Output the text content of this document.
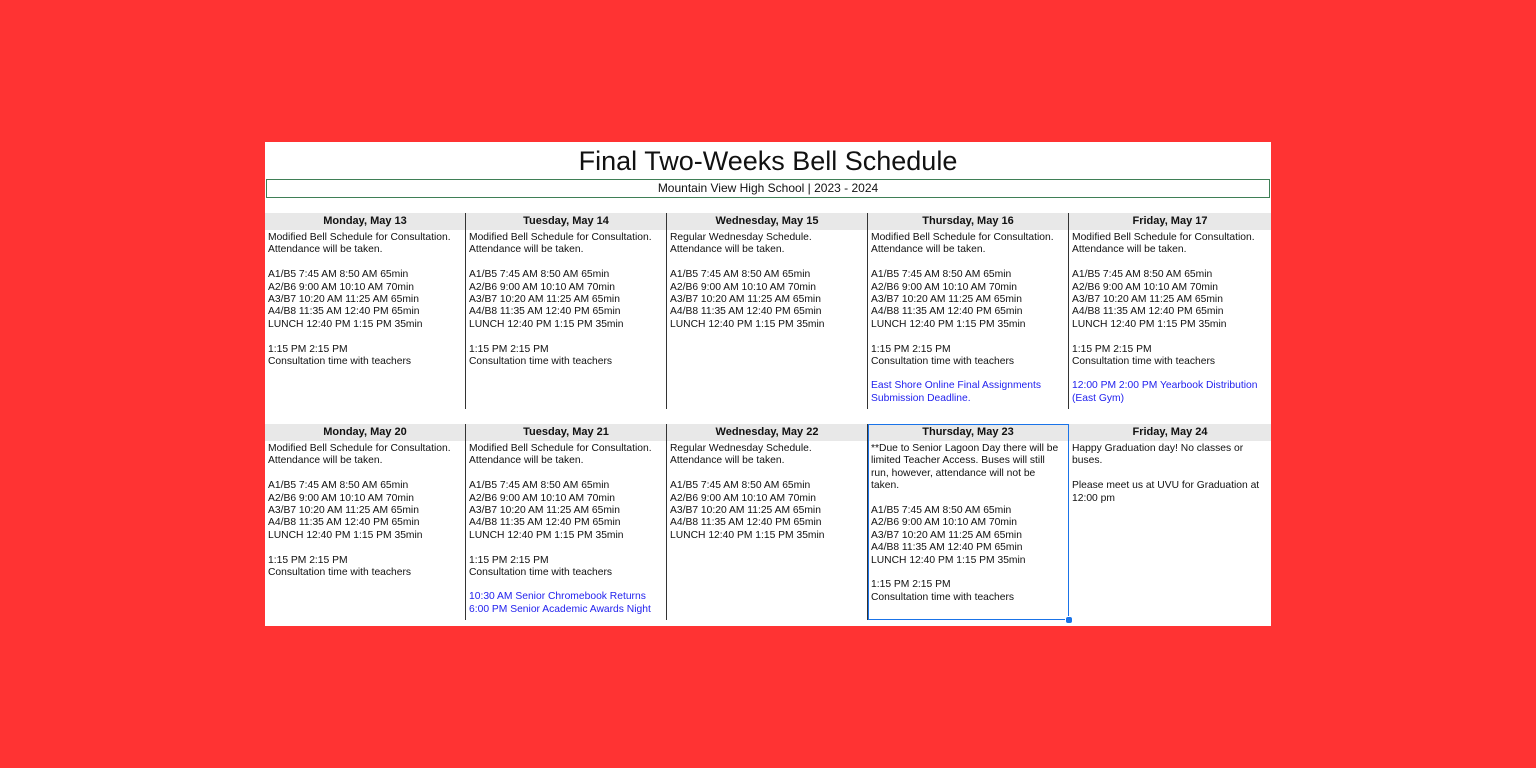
Final Two-Weeks Bell Schedule
Mountain View High School | 2023 - 2024
Monday, May 13
Modified Bell Schedule for Consultation. Attendance will be taken.

A1/B5 7:45 AM 8:50 AM 65min
A2/B6 9:00 AM 10:10 AM 70min
A3/B7 10:20 AM 11:25 AM 65min
A4/B8 11:35 AM 12:40 PM 65min
LUNCH 12:40 PM 1:15 PM 35min

1:15 PM 2:15 PM
Consultation time with teachers
Tuesday, May 14
Modified Bell Schedule for Consultation. Attendance will be taken.

A1/B5 7:45 AM 8:50 AM 65min
A2/B6 9:00 AM 10:10 AM 70min
A3/B7 10:20 AM 11:25 AM 65min
A4/B8 11:35 AM 12:40 PM 65min
LUNCH 12:40 PM 1:15 PM 35min

1:15 PM 2:15 PM
Consultation time with teachers
Wednesday, May 15
Regular Wednesday Schedule. Attendance will be taken.

A1/B5 7:45 AM 8:50 AM 65min
A2/B6 9:00 AM 10:10 AM 70min
A3/B7 10:20 AM 11:25 AM 65min
A4/B8 11:35 AM 12:40 PM 65min
LUNCH 12:40 PM 1:15 PM 35min
Thursday, May 16
Modified Bell Schedule for Consultation. Attendance will be taken.

A1/B5 7:45 AM 8:50 AM 65min
A2/B6 9:00 AM 10:10 AM 70min
A3/B7 10:20 AM 11:25 AM 65min
A4/B8 11:35 AM 12:40 PM 65min
LUNCH 12:40 PM 1:15 PM 35min

1:15 PM 2:15 PM
Consultation time with teachers
East Shore Online Final Assignments Submission Deadline.
Friday, May 17
Modified Bell Schedule for Consultation. Attendance will be taken.

A1/B5 7:45 AM 8:50 AM 65min
A2/B6 9:00 AM 10:10 AM 70min
A3/B7 10:20 AM 11:25 AM 65min
A4/B8 11:35 AM 12:40 PM 65min
LUNCH 12:40 PM 1:15 PM 35min

1:15 PM 2:15 PM
Consultation time with teachers
12:00 PM 2:00 PM Yearbook Distribution (East Gym)
Monday, May 20
Modified Bell Schedule for Consultation. Attendance will be taken.

A1/B5 7:45 AM 8:50 AM 65min
A2/B6 9:00 AM 10:10 AM 70min
A3/B7 10:20 AM 11:25 AM 65min
A4/B8 11:35 AM 12:40 PM 65min
LUNCH 12:40 PM 1:15 PM 35min

1:15 PM 2:15 PM
Consultation time with teachers
Tuesday, May 21
Modified Bell Schedule for Consultation. Attendance will be taken.

A1/B5 7:45 AM 8:50 AM 65min
A2/B6 9:00 AM 10:10 AM 70min
A3/B7 10:20 AM 11:25 AM 65min
A4/B8 11:35 AM 12:40 PM 65min
LUNCH 12:40 PM 1:15 PM 35min

1:15 PM 2:15 PM
Consultation time with teachers
10:30 AM Senior Chromebook Returns
6:00 PM Senior Academic Awards Night
Wednesday, May 22
Regular Wednesday Schedule. Attendance will be taken.

A1/B5 7:45 AM 8:50 AM 65min
A2/B6 9:00 AM 10:10 AM 70min
A3/B7 10:20 AM 11:25 AM 65min
A4/B8 11:35 AM 12:40 PM 65min
LUNCH 12:40 PM 1:15 PM 35min
Thursday, May 23
**Due to Senior Lagoon Day there will be limited Teacher Access. Buses will still run, however, attendance will not be taken.

A1/B5 7:45 AM 8:50 AM 65min
A2/B6 9:00 AM 10:10 AM 70min
A3/B7 10:20 AM 11:25 AM 65min
A4/B8 11:35 AM 12:40 PM 65min
LUNCH 12:40 PM 1:15 PM 35min

1:15 PM 2:15 PM
Consultation time with teachers
Friday, May 24
Happy Graduation day! No classes or buses.

Please meet us at UVU for Graduation at 12:00 pm
